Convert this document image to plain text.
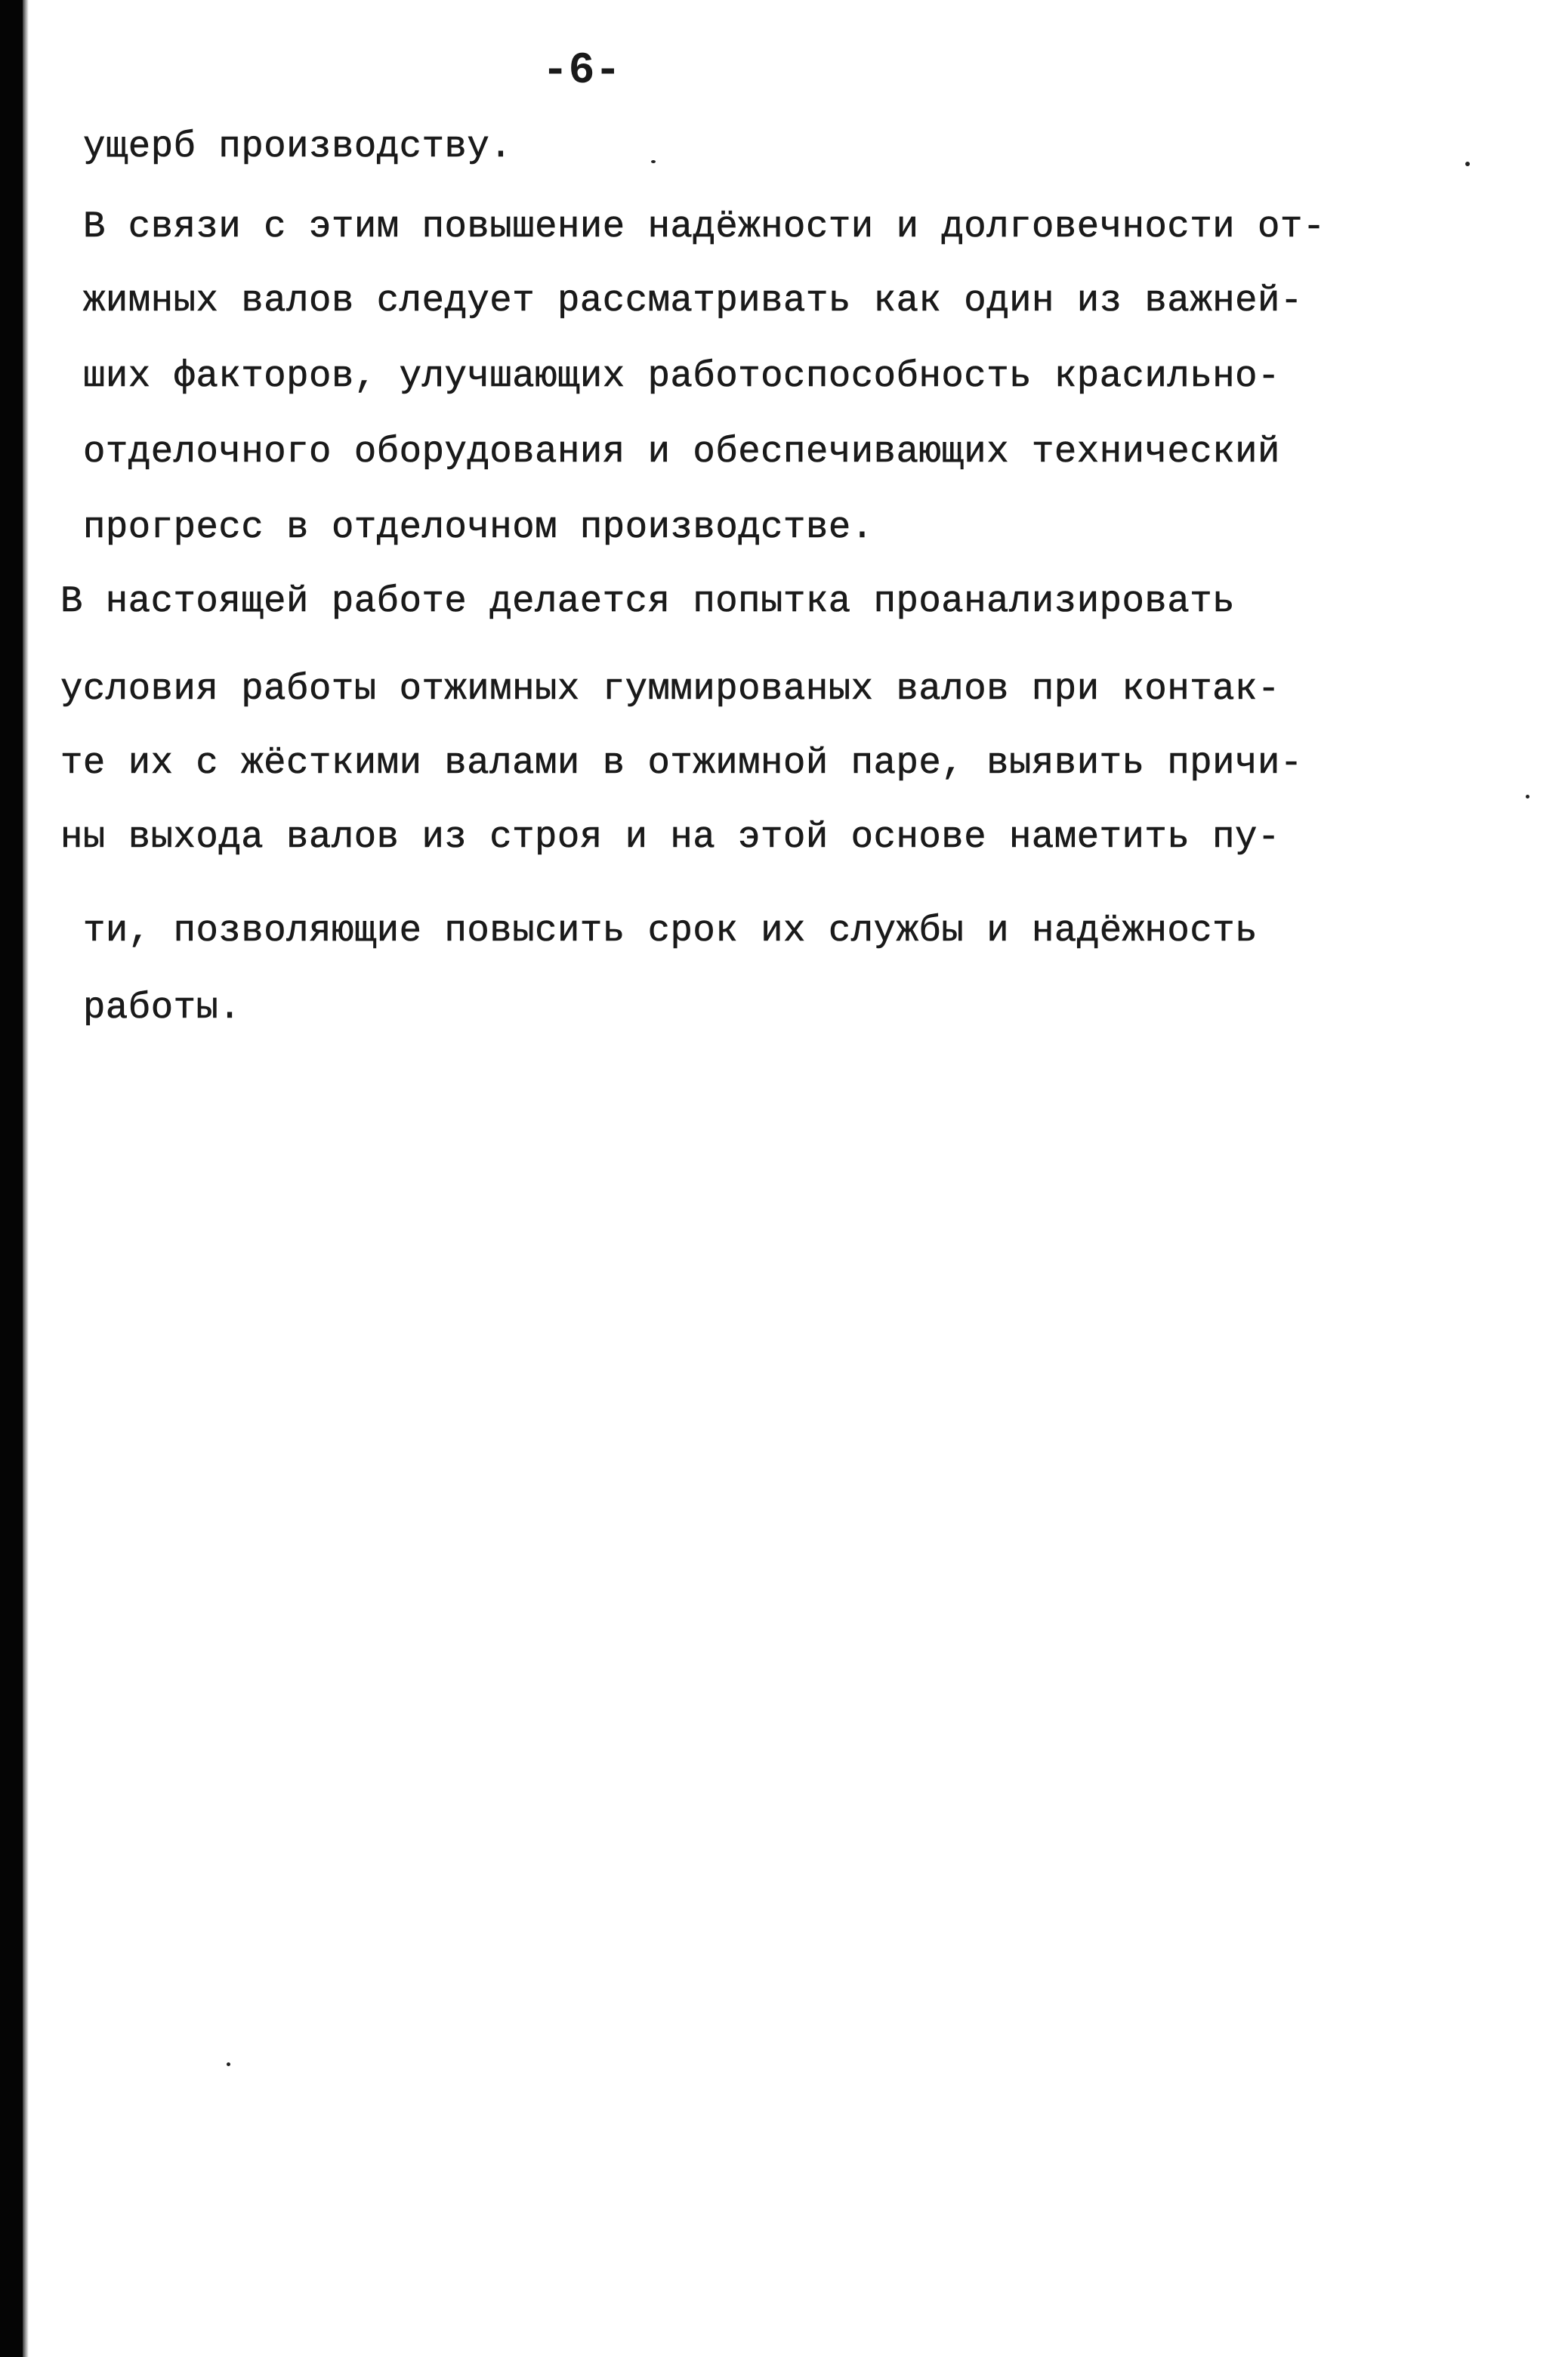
-6-
ущерб производству.
В связи с этим повышение надёжности и долговечности от-
жимных валов следует рассматривать как один из важней-
ших факторов, улучшающих работоспособность красильно-
отделочного оборудования и обеспечивающих технический
прогресс в отделочном производстве.
В настоящей работе делается попытка проанализировать
условия работы отжимных гуммированых валов при контак-
те их с жёсткими валами в отжимной паре, выявить причи-
ны выхода валов из строя и на этой основе наметить пу-
ти, позволяющие повысить срок их службы и надёжность
работы.
